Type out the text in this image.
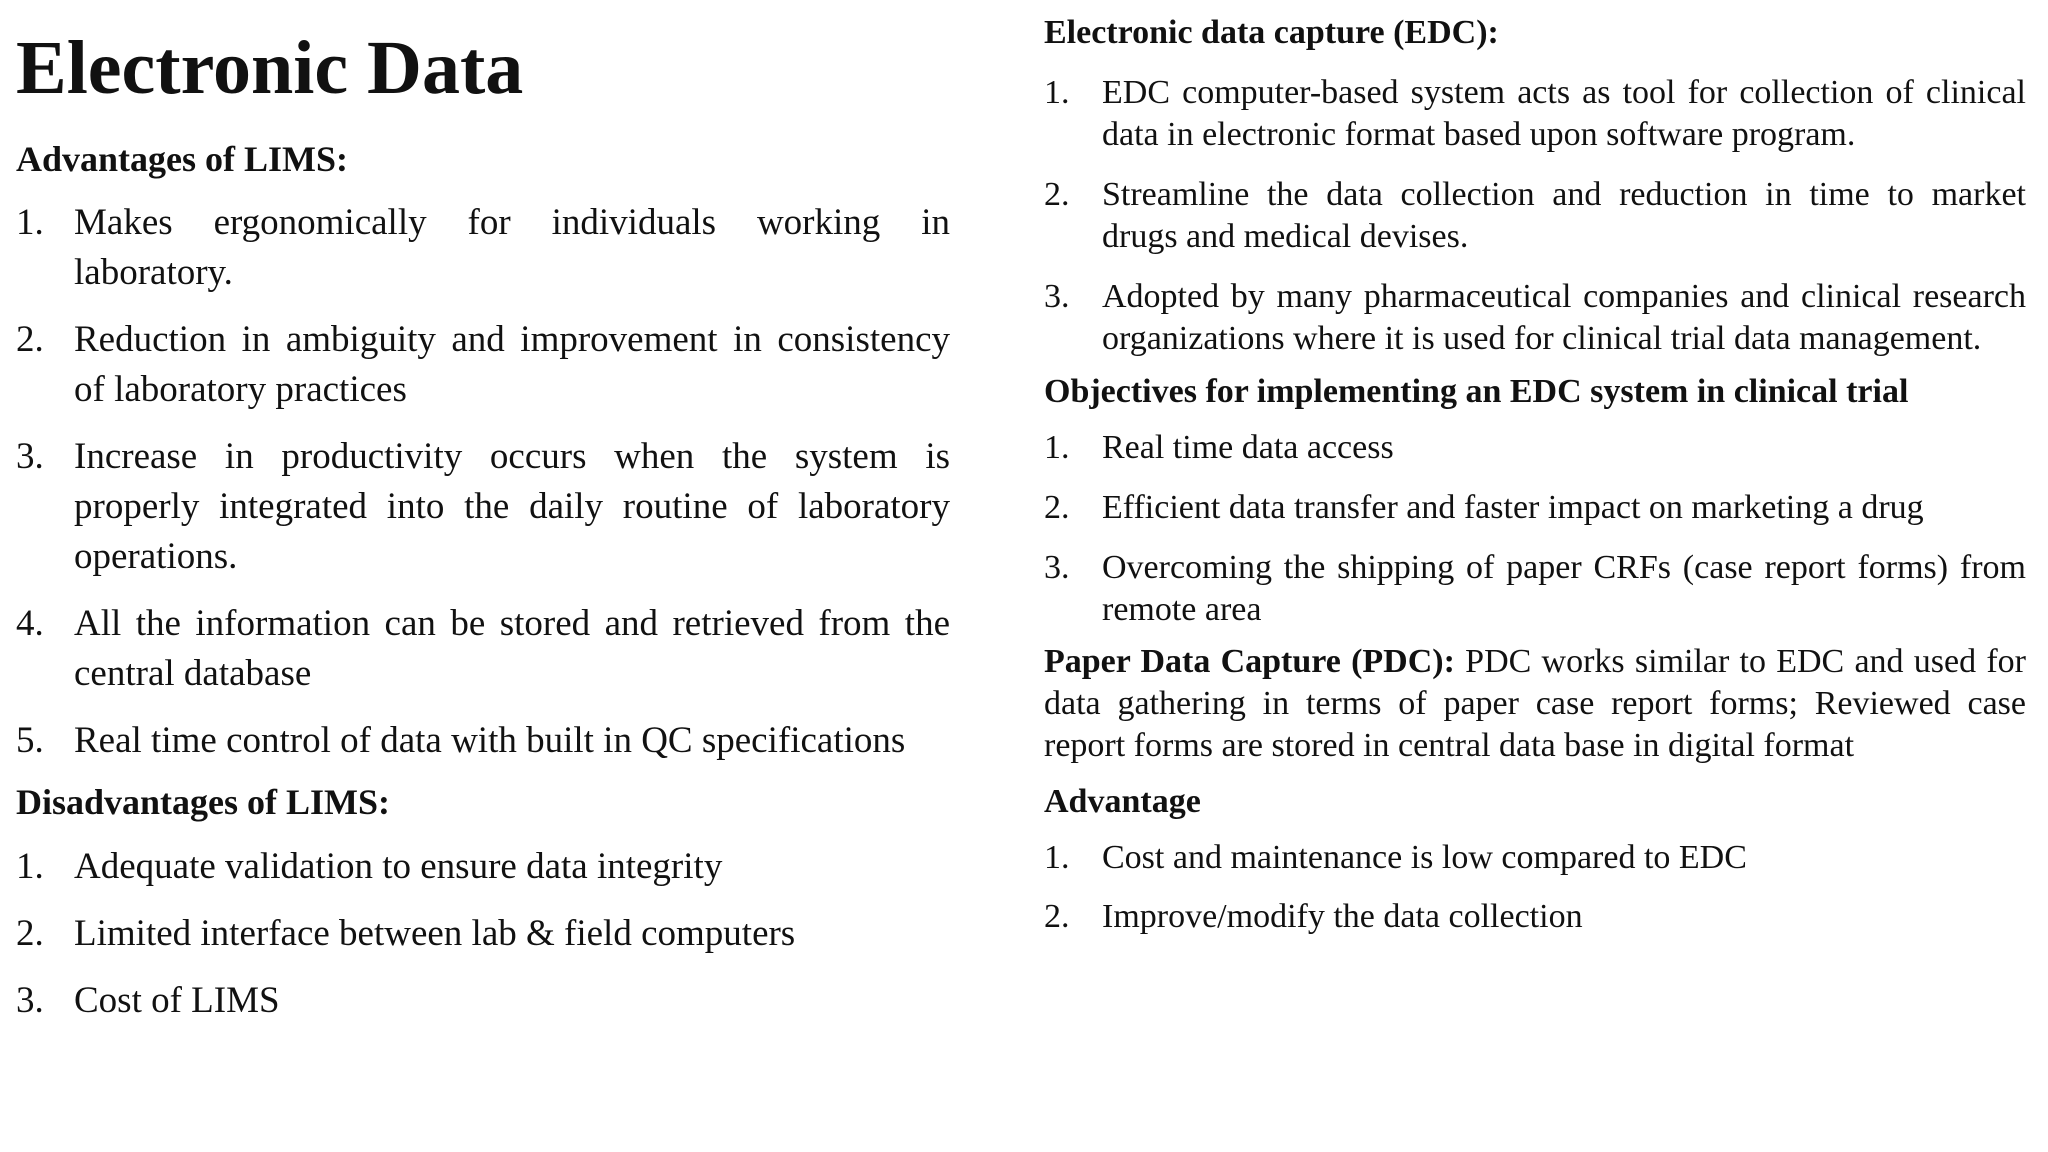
Electronic Data
Advantages of LIMS:
1. Makes ergonomically for individuals working in laboratory.
2. Reduction in ambiguity and improvement in consistency of laboratory practices
3. Increase in productivity occurs when the system is properly integrated into the daily routine of laboratory operations.
4. All the information can be stored and retrieved from the central database
5. Real time control of data with built in QC specifications
Disadvantages of LIMS:
1. Adequate validation to ensure data integrity
2. Limited interface between lab & field computers
3. Cost of LIMS
Electronic data capture (EDC):
1. EDC computer-based system acts as tool for collection of clinical data in electronic format based upon software program.
2. Streamline the data collection and reduction in time to market drugs and medical devises.
3. Adopted by many pharmaceutical companies and clinical research organizations where it is used for clinical trial data management.
Objectives for implementing an EDC system in clinical trial
1. Real time data access
2. Efficient data transfer and faster impact on marketing a drug
3. Overcoming the shipping of paper CRFs (case report forms) from remote area

Paper Data Capture (PDC): PDC works similar to EDC and used for data gathering in terms of paper case report forms; Reviewed case report forms are stored in central data base in digital format

Advantage
1. Cost and maintenance is low compared to EDC
2. Improve/modify the data collection
